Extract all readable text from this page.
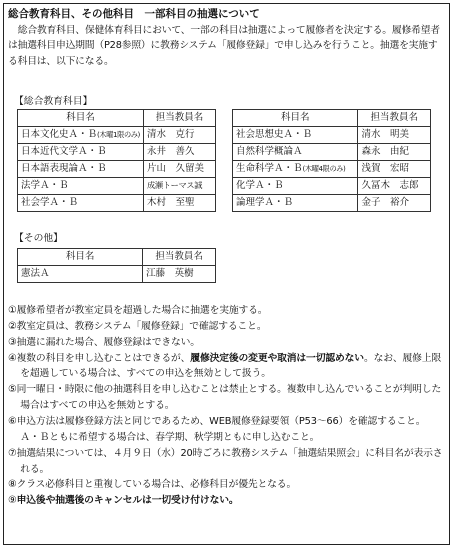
総合教育科目、その他科目　一部科目の抽選について
総合教育科目、保健体育科目において、一部の科目は抽選によって履修者を決定する。履修希望者は抽選科目申込期間（P28参照）に教務システム「履修登録」で申し込みを行うこと。抽選を実施する科目は、以下になる。
【総合教育科目】
科目名	担当教員名
日本文化史Ａ・Ｂ(木曜1限のみ)	清水　克行
日本近代文学Ａ・Ｂ	永井　善久
日本語表現論Ａ・Ｂ	片山　久留美
法学Ａ・Ｂ	成瀬トーマス誠
社会学Ａ・Ｂ	木村　至聖
科目名	担当教員名
社会思想史Ａ・Ｂ	清水　明美
自然科学概論Ａ	森永　由紀
生命科学Ａ・Ｂ(木曜4限のみ)	浅賀　宏昭
化学Ａ・Ｂ	久冨木　志郎
論理学Ａ・Ｂ	金子　裕介
【その他】
科目名	担当教員名
憲法Ａ	江藤　英樹
①履修希望者が教室定員を超過した場合に抽選を実施する。
②教室定員は、教務システム「履修登録」で確認すること。
③抽選に漏れた場合、履修登録はできない。
④複数の科目を申し込むことはできるが、履修決定後の変更や取消は一切認めない。なお、履修上限を超過している場合は、すべての申込を無効として扱う。
⑤同一曜日・時限に他の抽選科目を申し込むことは禁止とする。複数申し込んでいることが判明した場合はすべての申込を無効とする。
⑥申込方法は履修登録方法と同じであるため、WEB履修登録要領（P53～66）を確認すること。Ａ・Ｂともに希望する場合は、春学期、秋学期ともに申し込むこと。
⑦抽選結果については、４月９日（水）20時ごろに教務システム「抽選結果照会」に科目名が表示される。
⑧クラス必修科目と重複している場合は、必修科目が優先となる。
⑨申込後や抽選後のキャンセルは一切受け付けない。
